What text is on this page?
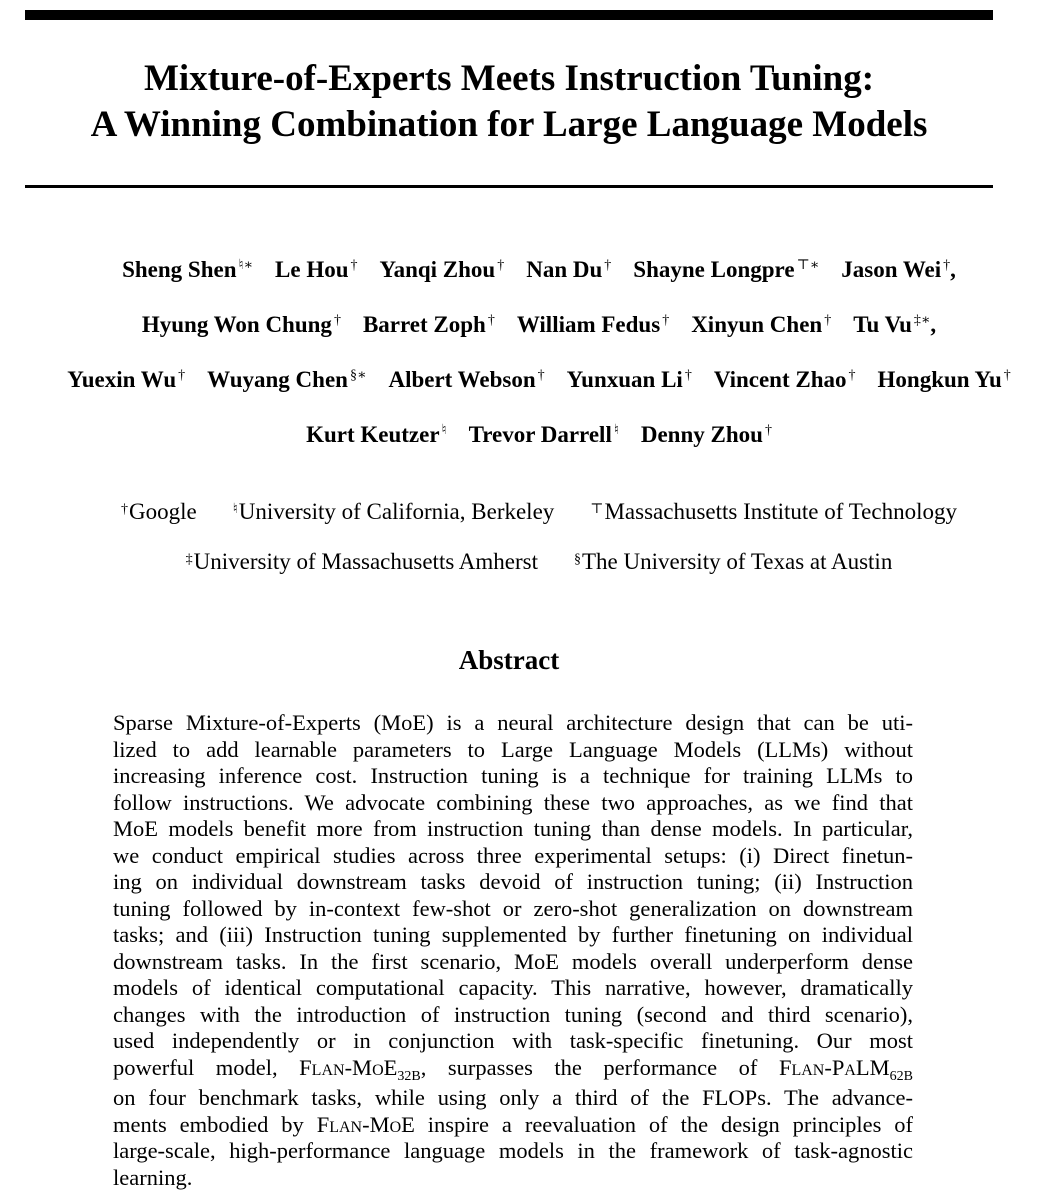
Mixture-of-Experts Meets Instruction Tuning:
A Winning Combination for Large Language Models
Sheng Shen ♮∗ Le Hou † Yanqi Zhou † Nan Du † Shayne Longpre ⊤∗ Jason Wei †,
Hyung Won Chung † Barret Zoph † William Fedus † Xinyun Chen † Tu Vu ‡∗,
Yuexin Wu † Wuyang Chen §∗ Albert Webson † Yunxuan Li † Vincent Zhao † Hongkun Yu †
Kurt Keutzer ♮ Trevor Darrell ♮ Denny Zhou †
†Google	♮University of California, Berkeley	⊤Massachusetts Institute of Technology
‡University of Massachusetts Amherst	§The University of Texas at Austin
Abstract
Sparse Mixture-of-Experts (MoE) is a neural architecture design that can be uti-
lized to add learnable parameters to Large Language Models (LLMs) without
increasing inference cost. Instruction tuning is a technique for training LLMs to
follow instructions. We advocate combining these two approaches, as we find that
MoE models benefit more from instruction tuning than dense models. In particular,
we conduct empirical studies across three experimental setups: (i) Direct finetun-
ing on individual downstream tasks devoid of instruction tuning; (ii) Instruction
tuning followed by in-context few-shot or zero-shot generalization on downstream
tasks; and (iii) Instruction tuning supplemented by further finetuning on individual
downstream tasks. In the first scenario, MoE models overall underperform dense
models of identical computational capacity. This narrative, however, dramatically
changes with the introduction of instruction tuning (second and third scenario),
used independently or in conjunction with task-specific finetuning. Our most
powerful model, Flan-MoE$_{32B}$, surpasses the performance of Flan-PaLM$_{62B}$
on four benchmark tasks, while using only a third of the FLOPs. The advance-
ments embodied by Flan-MoE inspire a reevaluation of the design principles of
large-scale, high-performance language models in the framework of task-agnostic
learning.
